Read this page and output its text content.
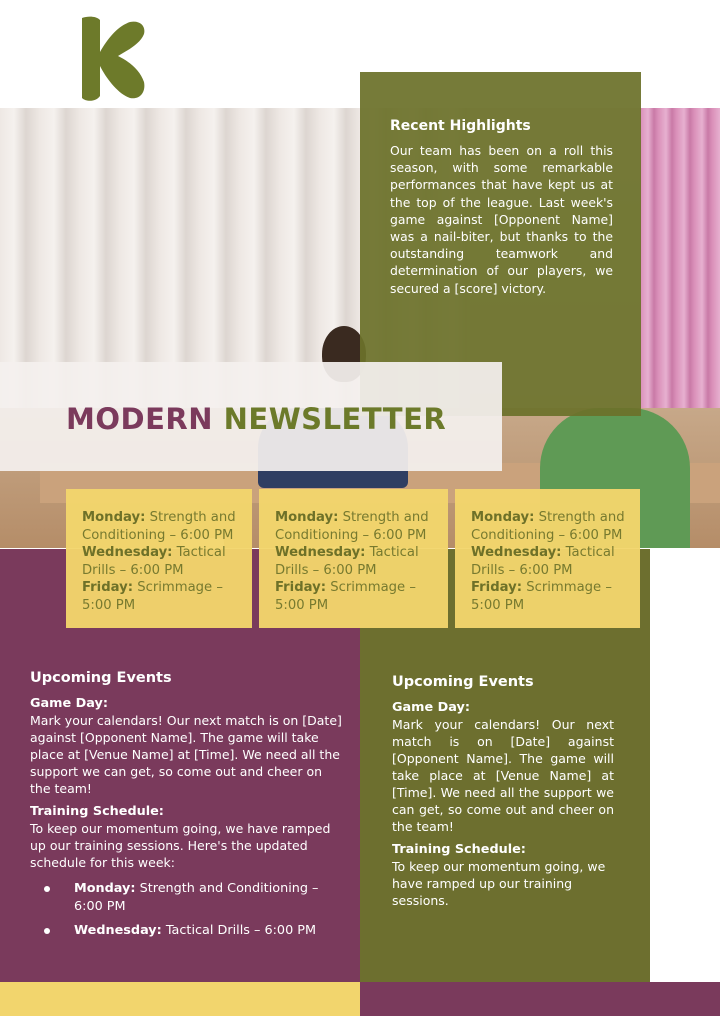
Recent Highlights
Our team has been on a roll this season, with some remarkable performances that have kept us at the top of the league. Last week's game against [Opponent Name] was a nail-biter, but thanks to the outstanding teamwork and determination of our players, we secured a [score] victory.
MODERN NEWSLETTER

Monday: Strength and Conditioning – 6:00 PM

Wednesday: Tactical Drills – 6:00 PM

Friday: Scrimmage – 5:00 PM

Monday: Strength and Conditioning – 6:00 PM

Wednesday: Tactical Drills – 6:00 PM

Friday: Scrimmage – 5:00 PM

Monday: Strength and Conditioning – 6:00 PM

Wednesday: Tactical Drills – 6:00 PM

Friday: Scrimmage – 5:00 PM

Upcoming Events
Game Day:
Mark your calendars! Our next match is on [Date] against [Opponent Name]. The game will take place at [Venue Name] at [Time]. We need all the support we can get, so come out and cheer on the team!
Training Schedule:
To keep our momentum going, we have ramped up our training sessions. Here's the updated schedule for this week:
Monday: Strength and Conditioning – 6:00 PM
Wednesday: Tactical Drills – 6:00 PM
Upcoming Events
Game Day:
Mark your calendars! Our next match is on [Date] against [Opponent Name]. The game will take place at [Venue Name] at [Time]. We need all the support we can get, so come out and cheer on the team!
Training Schedule:
To keep our momentum going, we have ramped up our training sessions.
